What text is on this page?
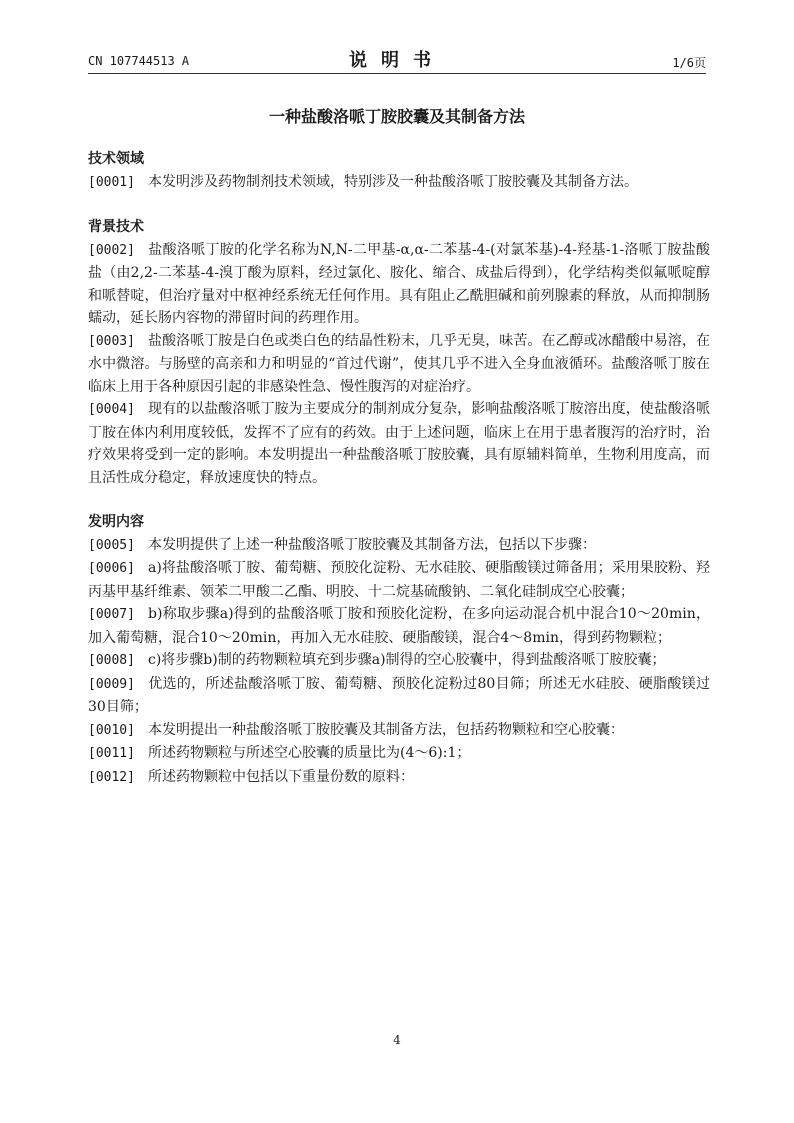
CN 107744513 A	说明书	1/6页
一种盐酸洛哌丁胺胶囊及其制备方法

技术领域

[0001] 本发明涉及药物制剂技术领域，特别涉及一种盐酸洛哌丁胺胶囊及其制备方法。

背景技术

[0002] 盐酸洛哌丁胺的化学名称为N,N-二甲基-α,α-二苯基-4-(对氯苯基)-4-羟基-1-洛哌丁胺盐酸盐（由2,2-二苯基-4-溴丁酸为原料，经过氯化、胺化、缩合、成盐后得到），化学结构类似氟哌啶醇和哌替啶，但治疗量对中枢神经系统无任何作用。具有阻止乙酰胆碱和前列腺素的释放，从而抑制肠蠕动，延长肠内容物的滞留时间的药理作用。

[0003] 盐酸洛哌丁胺是白色或类白色的结晶性粉末，几乎无臭，味苦。在乙醇或冰醋酸中易溶，在水中微溶。与肠壁的高亲和力和明显的“首过代谢”，使其几乎不进入全身血液循环。盐酸洛哌丁胺在临床上用于各种原因引起的非感染性急、慢性腹泻的对症治疗。

[0004] 现有的以盐酸洛哌丁胺为主要成分的制剂成分复杂，影响盐酸洛哌丁胺溶出度，使盐酸洛哌丁胺在体内利用度较低，发挥不了应有的药效。由于上述问题，临床上在用于患者腹泻的治疗时，治疗效果将受到一定的影响。本发明提出一种盐酸洛哌丁胺胶囊，具有原辅料简单，生物利用度高，而且活性成分稳定，释放速度快的特点。

发明内容

[0005] 本发明提供了上述一种盐酸洛哌丁胺胶囊及其制备方法，包括以下步骤：

[0006] a)将盐酸洛哌丁胺、葡萄糖、预胶化淀粉、无水硅胶、硬脂酸镁过筛备用；采用果胶粉、羟丙基甲基纤维素、领苯二甲酸二乙酯、明胶、十二烷基硫酸钠、二氧化硅制成空心胶囊；

[0007] b)称取步骤a)得到的盐酸洛哌丁胺和预胶化淀粉，在多向运动混合机中混合10～20min，加入葡萄糖，混合10～20min，再加入无水硅胶、硬脂酸镁，混合4～8min，得到药物颗粒；

[0008] c)将步骤b)制的药物颗粒填充到步骤a)制得的空心胶囊中，得到盐酸洛哌丁胺胶囊；

[0009] 优选的，所述盐酸洛哌丁胺、葡萄糖、预胶化淀粉过80目筛；所述无水硅胶、硬脂酸镁过30目筛；

[0010] 本发明提出一种盐酸洛哌丁胺胶囊及其制备方法，包括药物颗粒和空心胶囊：

[0011] 所述药物颗粒与所述空心胶囊的质量比为(4～6):1；

[0012] 所述药物颗粒中包括以下重量份数的原料：

4
